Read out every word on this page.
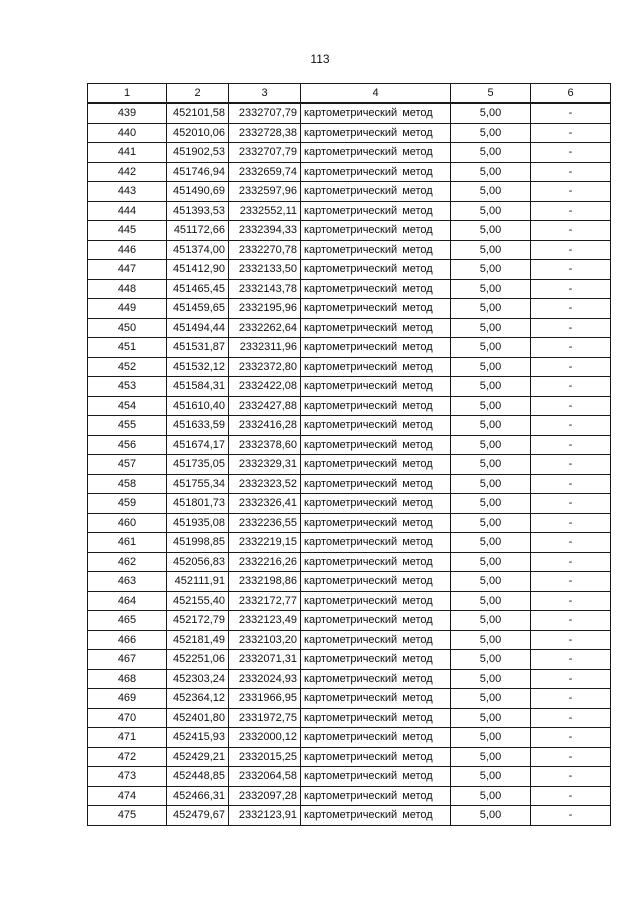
113
1	2	3	4	5	6
439	452101,58	2332707,79	картометрический метод	5,00	-
440	452010,06	2332728,38	картометрический метод	5,00	-
441	451902,53	2332707,79	картометрический метод	5,00	-
442	451746,94	2332659,74	картометрический метод	5,00	-
443	451490,69	2332597,96	картометрический метод	5,00	-
444	451393,53	2332552,11	картометрический метод	5,00	-
445	451172,66	2332394,33	картометрический метод	5,00	-
446	451374,00	2332270,78	картометрический метод	5,00	-
447	451412,90	2332133,50	картометрический метод	5,00	-
448	451465,45	2332143,78	картометрический метод	5,00	-
449	451459,65	2332195,96	картометрический метод	5,00	-
450	451494,44	2332262,64	картометрический метод	5,00	-
451	451531,87	2332311,96	картометрический метод	5,00	-
452	451532,12	2332372,80	картометрический метод	5,00	-
453	451584,31	2332422,08	картометрический метод	5,00	-
454	451610,40	2332427,88	картометрический метод	5,00	-
455	451633,59	2332416,28	картометрический метод	5,00	-
456	451674,17	2332378,60	картометрический метод	5,00	-
457	451735,05	2332329,31	картометрический метод	5,00	-
458	451755,34	2332323,52	картометрический метод	5,00	-
459	451801,73	2332326,41	картометрический метод	5,00	-
460	451935,08	2332236,55	картометрический метод	5,00	-
461	451998,85	2332219,15	картометрический метод	5,00	-
462	452056,83	2332216,26	картометрический метод	5,00	-
463	452111,91	2332198,86	картометрический метод	5,00	-
464	452155,40	2332172,77	картометрический метод	5,00	-
465	452172,79	2332123,49	картометрический метод	5,00	-
466	452181,49	2332103,20	картометрический метод	5,00	-
467	452251,06	2332071,31	картометрический метод	5,00	-
468	452303,24	2332024,93	картометрический метод	5,00	-
469	452364,12	2331966,95	картометрический метод	5,00	-
470	452401,80	2331972,75	картометрический метод	5,00	-
471	452415,93	2332000,12	картометрический метод	5,00	-
472	452429,21	2332015,25	картометрический метод	5,00	-
473	452448,85	2332064,58	картометрический метод	5,00	-
474	452466,31	2332097,28	картометрический метод	5,00	-
475	452479,67	2332123,91	картометрический метод	5,00	-
